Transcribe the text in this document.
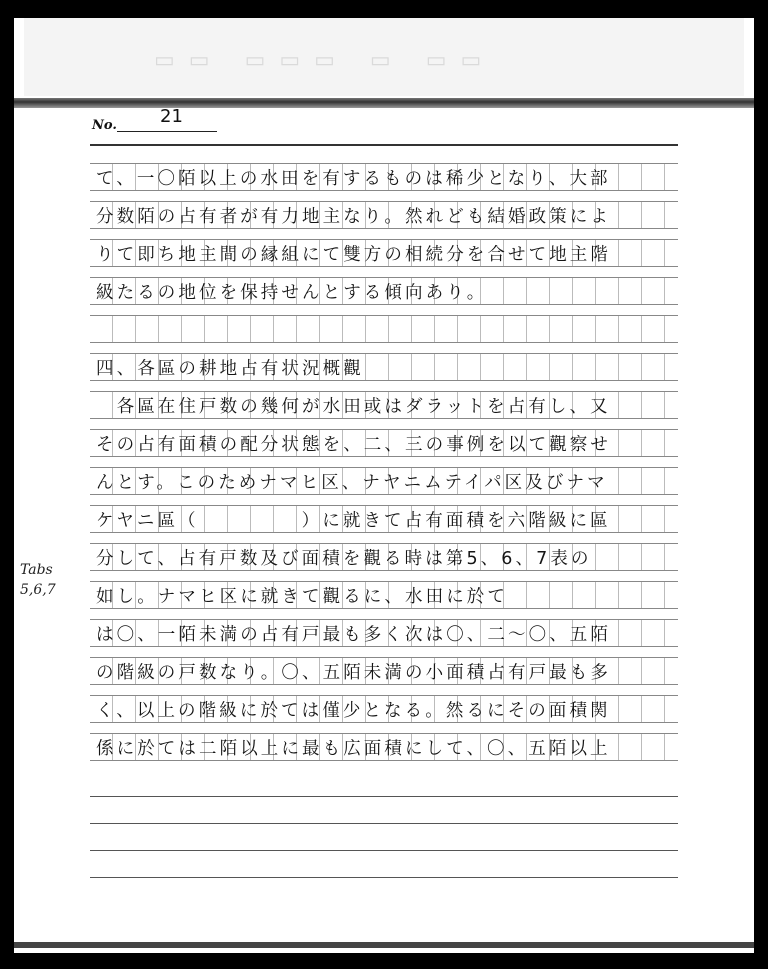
▭▭ ▭▭▭ ▭ ▭▭
No. 21
て、一〇陌以上の水田を有するものは稀少となり、大部
分数陌の占有者が有力地主なり。然れども結婚政策によ
りて即ち地主間の縁組にて雙方の相続分を合せて地主階
級たるの地位を保持せんとする傾向あり。
四、各區の耕地占有状況概觀
　各區在住戸数の幾何が水田或はダラットを占有し、又
その占有面積の配分状態を、二、三の事例を以て觀察せ
んとす。このためナマヒ区、ナヤニムテイパ区及びナマ
ケヤニ區（　　　　　）に就きて占有面積を六階級に區
分して、占有戸数及び面積を觀る時は第5、6、7表の
如し。ナマヒ区に就きて觀るに、水田に於て
は〇、一陌未満の占有戸最も多く次は〇、二～〇、五陌
の階級の戸数なり。〇、五陌未満の小面積占有戸最も多
く、以上の階級に於ては僅少となる。然るにその面積関
係に於ては二陌以上に最も広面積にして、〇、五陌以上
Tabs
5,6,7
